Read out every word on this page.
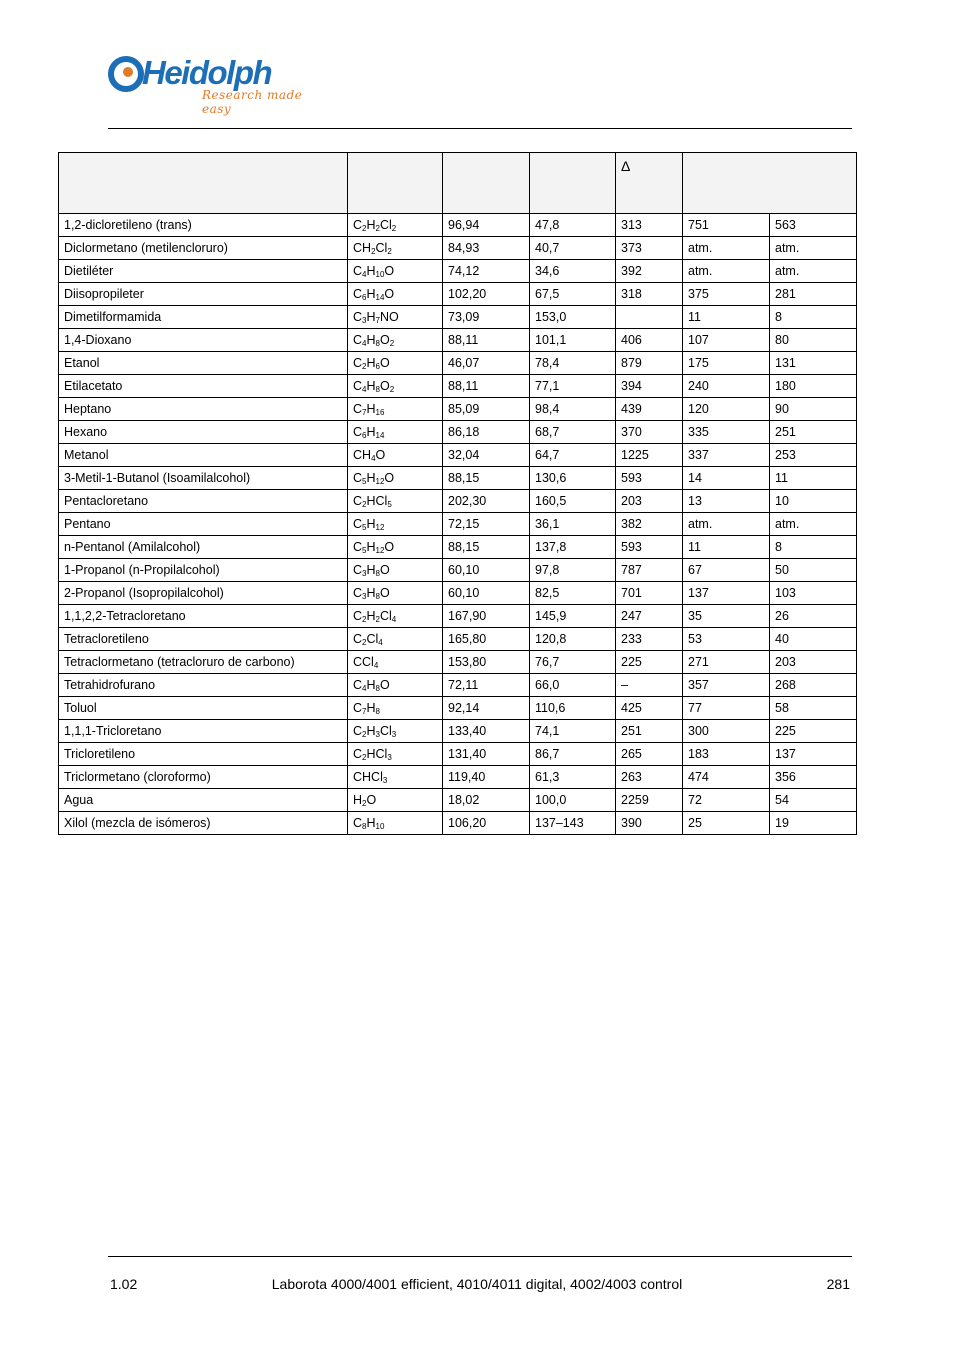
Heidolph
Research made easy
				Δ		
1,2-dicloretileno (trans)	$C_2H_2Cl_2$	96,94	47,8	313	751	563
Diclormetano (metilencloruro)	$CH_2Cl_2$	84,93	40,7	373	atm.	atm.
Dietiléter	$C_4H_{10}O$	74,12	34,6	392	atm.	atm.
Diisopropileter	$C_6H_{14}O$	102,20	67,5	318	375	281
Dimetilformamida	$C_3H_7NO$	73,09	153,0		11	8
1,4-Dioxano	$C_4H_8O_2$	88,11	101,1	406	107	80
Etanol	$C_2H_6O$	46,07	78,4	879	175	131
Etilacetato	$C_4H_8O_2$	88,11	77,1	394	240	180
Heptano	$C_7H_{16}$	85,09	98,4	439	120	90
Hexano	$C_6H_{14}$	86,18	68,7	370	335	251
Metanol	$CH_4O$	32,04	64,7	1225	337	253
3-Metil-1-Butanol (Isoamilalcohol)	$C_5H_{12}O$	88,15	130,6	593	14	11
Pentacloretano	$C_2HCl_5$	202,30	160,5	203	13	10
Pentano	$C_5H_{12}$	72,15	36,1	382	atm.	atm.
n-Pentanol (Amilalcohol)	$C_5H_{12}O$	88,15	137,8	593	11	8
1-Propanol (n-Propilalcohol)	$C_3H_8O$	60,10	97,8	787	67	50
2-Propanol (Isopropilalcohol)	$C_3H_8O$	60,10	82,5	701	137	103
1,1,2,2-Tetracloretano	$C_2H_2Cl_4$	167,90	145,9	247	35	26
Tetracloretileno	$C_2Cl_4$	165,80	120,8	233	53	40
Tetraclormetano (tetracloruro de carbono)	CCl$_4$	153,80	76,7	225	271	203
Tetrahidrofurano	$C_4H_8O$	72,11	66,0	–	357	268
Toluol	$C_7H_8$	92,14	110,6	425	77	58
1,1,1-Tricloretano	$C_2H_3Cl_3$	133,40	74,1	251	300	225
Tricloretileno	$C_2HCl_3$	131,40	86,7	265	183	137
Triclormetano (cloroformo)	CHCl$_3$	119,40	61,3	263	474	356
Agua	$H_2O$	18,02	100,0	2259	72	54
Xilol (mezcla de isómeros)	$C_8H_{10}$	106,20	137–143	390	25	19
1.02	Laborota 4000/4001 efficient, 4010/4011 digital, 4002/4003 control	281
